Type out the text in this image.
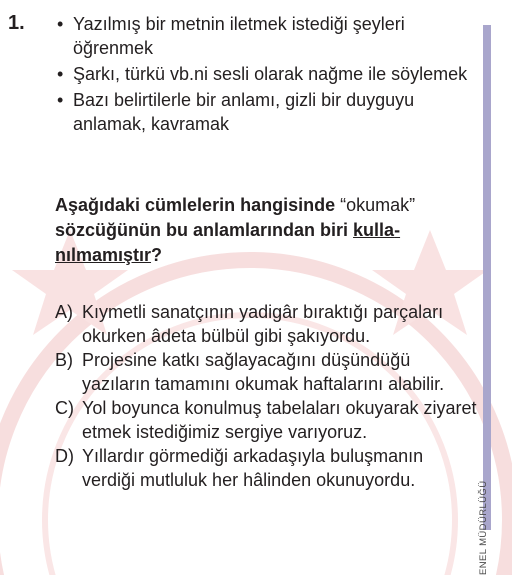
ENEL MÜDÜRLÜĞÜ
1. • Yazılmış bir metnin iletmek istediği şeyleri öğrenmek
• Şarkı, türkü vb.ni sesli olarak nağme ile söylemek
• Bazı belirtilerle bir anlamı, gizli bir duyguyu anlamak, kavramak
Aşağıdaki cümlelerin hangisinde “okumak” sözcüğünün bu anlamlarından biri kullanılmamıştır?
A) Kıymetli sanatçının yadigâr bıraktığı parçaları okurken âdeta bülbül gibi şakıyordu.
B) Projesine katkı sağlayacağını düşündüğü yazıların tamamını okumak haftalarını alabilir.
C) Yol boyunca konulmuş tabelaları okuyarak ziyaret etmek istediğimiz sergiye varıyoruz.
D) Yıllardır görmediği arkadaşıyla buluşmanın verdiği mutluluk her hâlinden okunuyordu.
